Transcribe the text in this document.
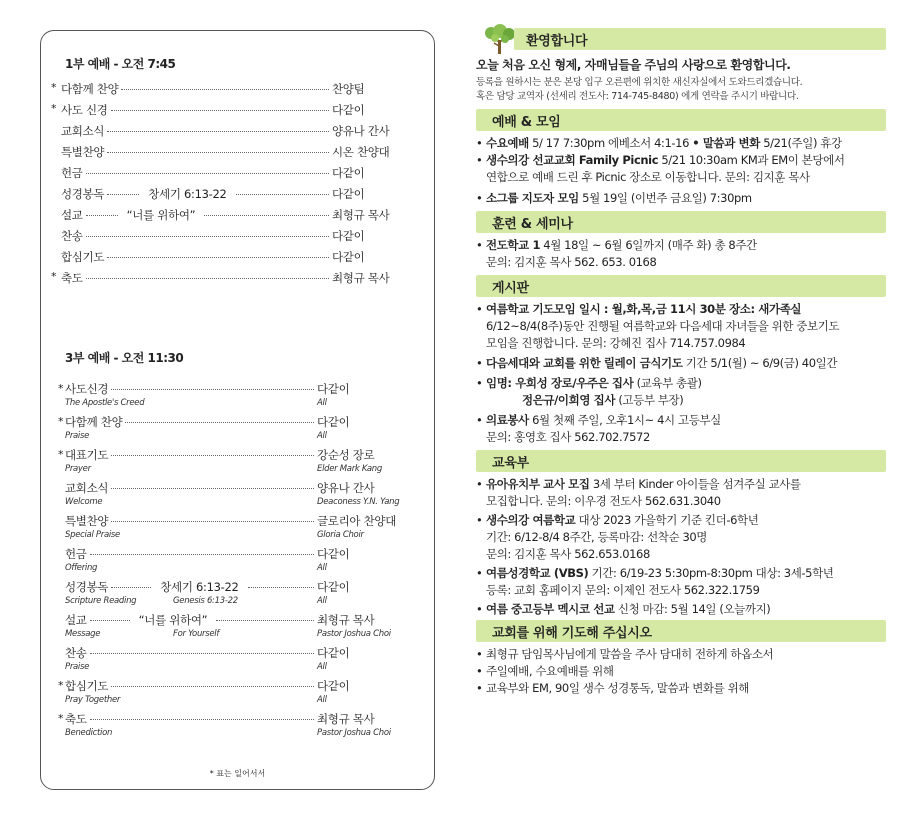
1부 예배 - 오전 7:45
* 다함께 찬양	찬양팀
* 사도 신경	다같이
교회소식	양유나 간사
특별찬양	시온 찬양대
헌금	다같이
성경봉독	창세기 6:13-22	다같이
설교	“너를 위하여”	최형규 목사
찬송	다같이
합심기도	다같이
* 축도	최형규 목사
3부 예배 - 오전 11:30
* 사도신경	다같이
The Apostle's Creed	All
* 다함께 찬양	다같이
Praise	All
* 대표기도	강순성 장로
Prayer	Elder Mark Kang
교회소식	양유나 간사
Welcome	Deaconess Y.N. Yang
특별찬양	글로리아 찬양대
Special Praise	Gloria Choir
헌금	다같이
Offering	All
성경봉독	창세기 6:13-22	다같이
Scripture Reading	Genesis 6:13-22	All
설교	“너를 위하여”	최형규 목사
Message	For Yourself	Pastor Joshua Choi
찬송	다같이
Praise	All
* 합심기도	다같이
Pray Together	All
* 축도	최형규 목사
Benediction	Pastor Joshua Choi
* 표는 일어서서
환영합니다
오늘 처음 오신 형제, 자매님들을 주님의 사랑으로 환영합니다.
등록을 원하시는 분은 본당 입구 오른편에 위치한 새신자실에서 도와드리겠습니다.
혹은 담당 교역자 (선세리 전도사: 714-745-8480) 에게 연락을 주시기 바랍니다.
예배 & 모임
• 수요예배 5/ 17 7:30pm 에베소서 4:1-16 • 말씀과 변화 5/21(주일) 휴강
• 생수의강 선교교회 Family Picnic 5/21 10:30am KM과 EM이 본당에서
연합으로 예배 드린 후 Picnic 장소로 이동합니다. 문의: 김지훈 목사
• 소그룹 지도자 모임 5월 19일 (이번주 금요일) 7:30pm
훈련 & 세미나
• 전도학교 1 4월 18일 ~ 6월 6일까지 (매주 화) 총 8주간
문의: 김지훈 목사 562. 653. 0168
게시판
• 여름학교 기도모임 일시 : 월,화,목,금 11시 30분 장소: 새가족실
6/12~8/4(8주)동안 진행될 여름학교와 다음세대 자녀들을 위한 중보기도
모임을 진행합니다. 문의: 강혜진 집사 714.757.0984
• 다음세대와 교회를 위한 릴레이 금식기도 기간 5/1(월) ~ 6/9(금) 40일간
• 임명: 우희성 장로/우주은 집사 (교육부 총괄)
정은규/이희영 집사 (고등부 부장)
• 의료봉사 6월 첫째 주일, 오후1시~ 4시 고등부실
문의: 홍영호 집사 562.702.7572
교육부
• 유아유치부 교사 모집 3세 부터 Kinder 아이들을 섬겨주실 교사를
모집합니다. 문의: 이우경 전도사 562.631.3040
• 생수의강 여름학교 대상 2023 가을학기 기준 킨더-6학년
기간: 6/12-8/4 8주간, 등록마감: 선착순 30명
문의: 김지훈 목사 562.653.0168
• 여름성경학교 (VBS) 기간: 6/19-23 5:30pm-8:30pm 대상: 3세-5학년
등록: 교회 홈페이지 문의: 이제인 전도사 562.322.1759
• 여름 중고등부 멕시코 선교 신청 마감: 5월 14일 (오늘까지)
교회를 위해 기도해 주십시오
• 최형규 담임목사님에게 말씀을 주사 담대히 전하게 하옵소서
• 주일예배, 수요예배를 위해
• 교육부와 EM, 90일 생수 성경통독, 말씀과 변화를 위해
